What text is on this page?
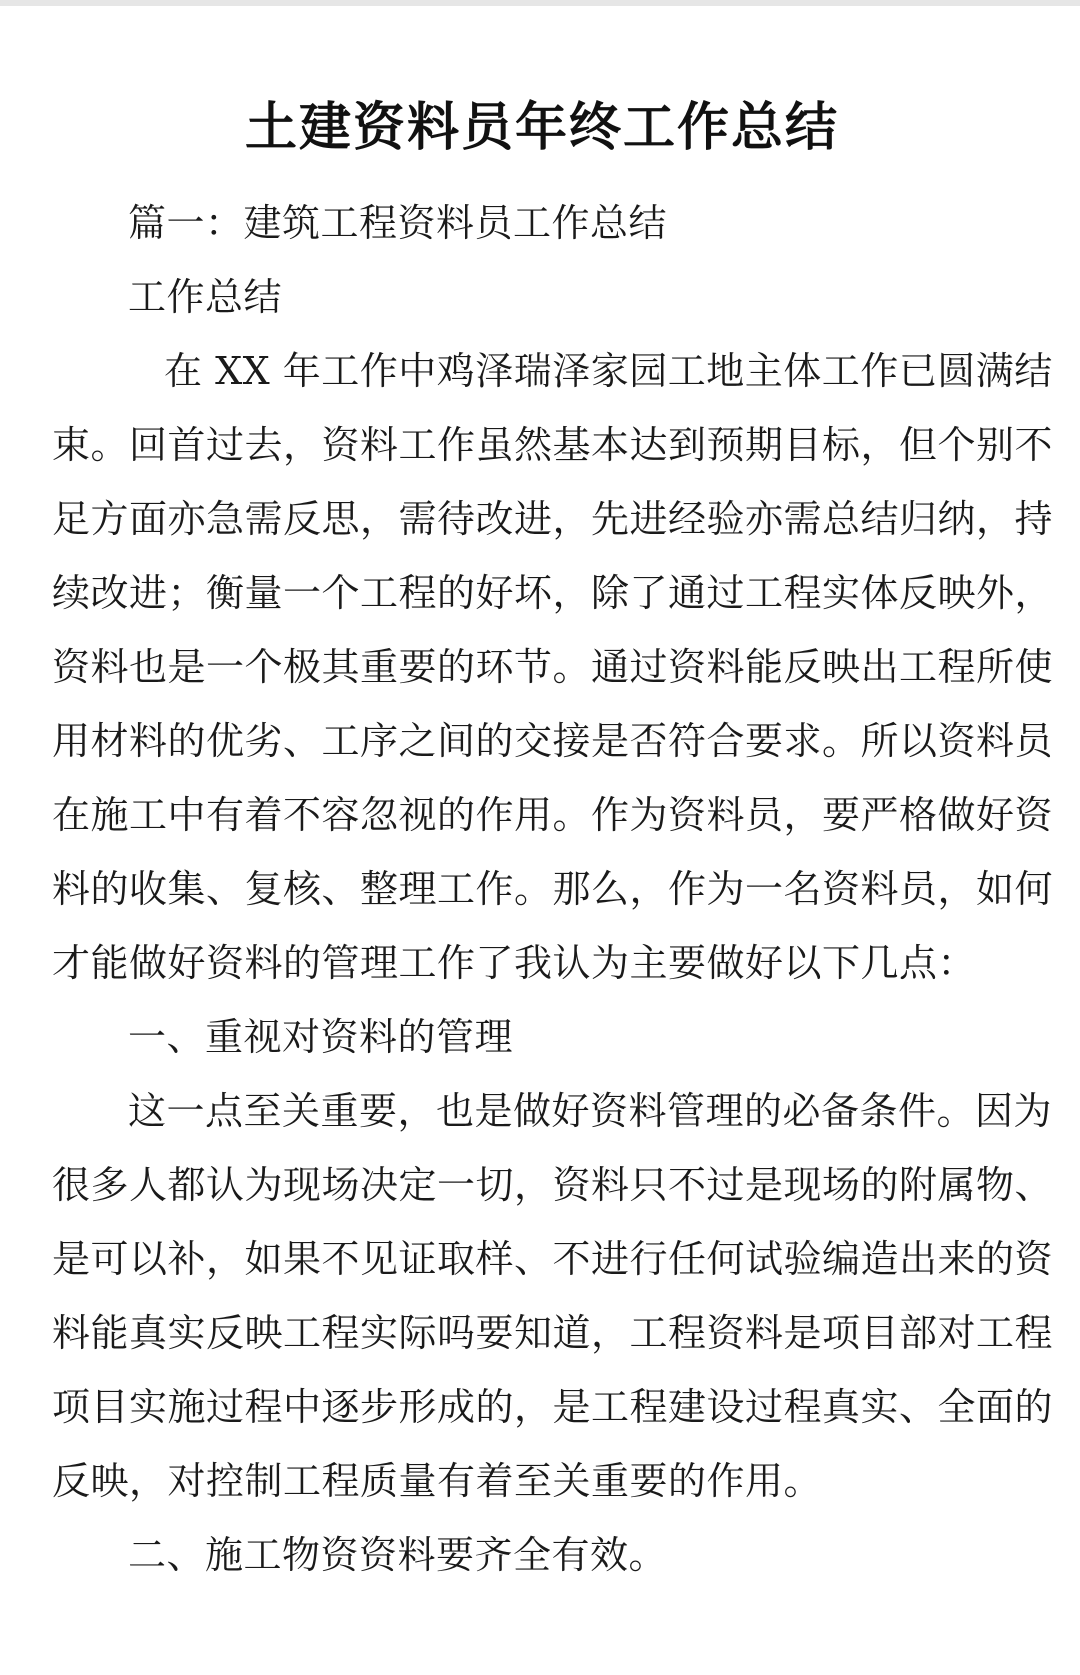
土建资料员年终工作总结
篇一：建筑工程资料员工作总结
工作总结
在 XX 年工作中鸡泽瑞泽家园工地主体工作已圆满结
束。回首过去，资料工作虽然基本达到预期目标，但个别不
足方面亦急需反思，需待改进，先进经验亦需总结归纳，持
续改进；衡量一个工程的好坏，除了通过工程实体反映外，
资料也是一个极其重要的环节。通过资料能反映出工程所使
用材料的优劣、工序之间的交接是否符合要求。所以资料员
在施工中有着不容忽视的作用。作为资料员，要严格做好资
料的收集、复核、整理工作。那么，作为一名资料员，如何
才能做好资料的管理工作了我认为主要做好以下几点：
一、重视对资料的管理
这一点至关重要，也是做好资料管理的必备条件。因为
很多人都认为现场决定一切，资料只不过是现场的附属物、
是可以补，如果不见证取样、不进行任何试验编造出来的资
料能真实反映工程实际吗要知道，工程资料是项目部对工程
项目实施过程中逐步形成的，是工程建设过程真实、全面的
反映，对控制工程质量有着至关重要的作用。
二、施工物资资料要齐全有效。
